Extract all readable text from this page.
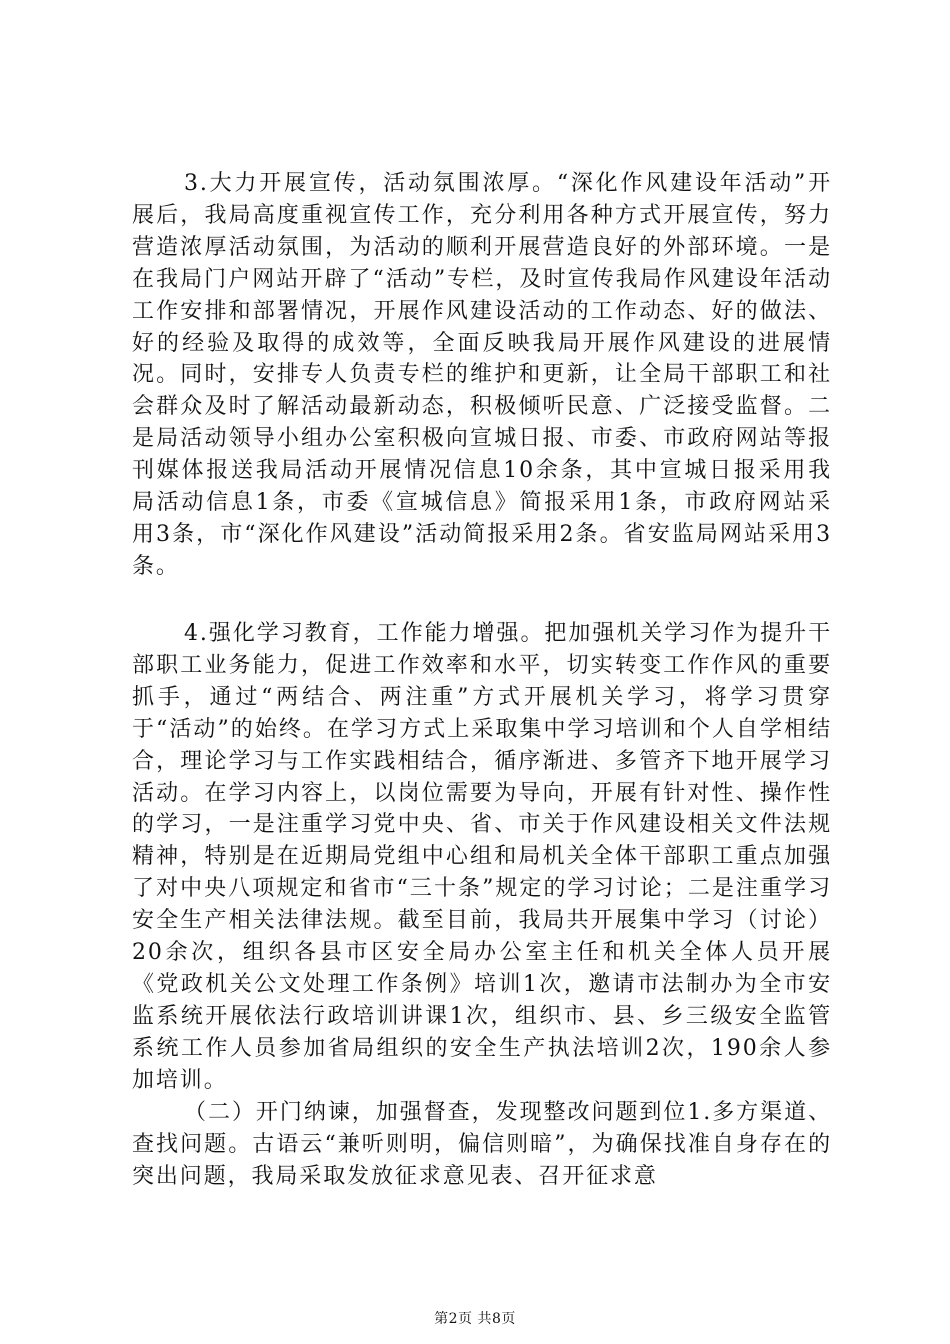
3.大力开展宣传，活动氛围浓厚。“深化作风建设年活动”开展后，我局高度重视宣传工作，充分利用各种方式开展宣传，努力营造浓厚活动氛围，为活动的顺利开展营造良好的外部环境。一是在我局门户网站开辟了“活动”专栏，及时宣传我局作风建设年活动工作安排和部署情况，开展作风建设活动的工作动态、好的做法、好的经验及取得的成效等，全面反映我局开展作风建设的进展情况。同时，安排专人负责专栏的维护和更新，让全局干部职工和社会群众及时了解活动最新动态，积极倾听民意、广泛接受监督。二是局活动领导小组办公室积极向宣城日报、市委、市政府网站等报刊媒体报送我局活动开展情况信息10余条，其中宣城日报采用我局活动信息1条，市委《宣城信息》简报采用1条，市政府网站采用3条，市“深化作风建设”活动简报采用2条。省安监局网站采用3条。

4.强化学习教育，工作能力增强。把加强机关学习作为提升干部职工业务能力，促进工作效率和水平，切实转变工作作风的重要抓手，通过“两结合、两注重”方式开展机关学习，将学习贯穿于“活动”的始终。在学习方式上采取集中学习培训和个人自学相结合，理论学习与工作实践相结合，循序渐进、多管齐下地开展学习活动。在学习内容上，以岗位需要为导向，开展有针对性、操作性的学习，一是注重学习党中央、省、市关于作风建设相关文件法规精神，特别是在近期局党组中心组和局机关全体干部职工重点加强了对中央八项规定和省市“三十条”规定的学习讨论；二是注重学习安全生产相关法律法规。截至目前，我局共开展集中学习（讨论）20余次，组织各县市区安全局办公室主任和机关全体人员开展《党政机关公文处理工作条例》培训1次，邀请市法制办为全市安监系统开展依法行政培训讲课1次，组织市、县、乡三级安全监管系统工作人员参加省局组织的安全生产执法培训2次，190余人参加培训。

（二）开门纳谏，加强督查，发现整改问题到位1.多方渠道、查找问题。古语云“兼听则明，偏信则暗”，为确保找准自身存在的突出问题，我局采取发放征求意见表、召开征求意

第2页 共8页
